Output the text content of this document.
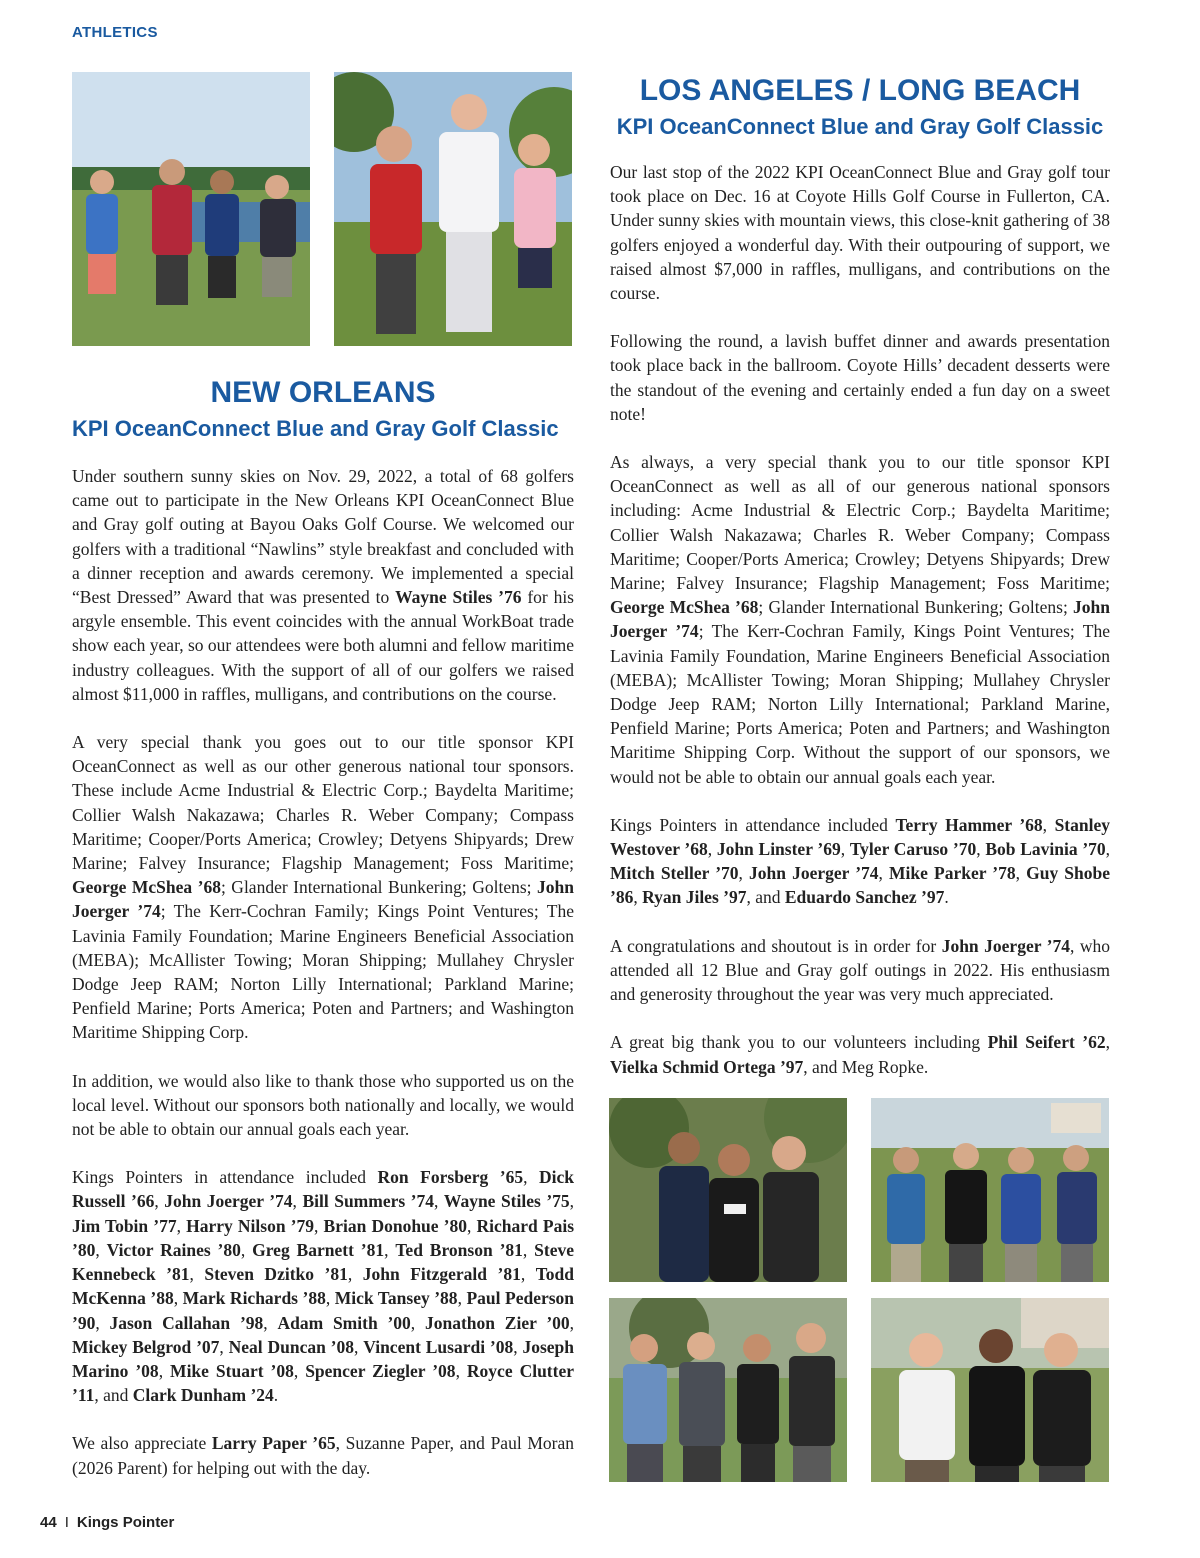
ATHLETICS
NEW ORLEANS
KPI OceanConnect Blue and Gray Golf Classic

Under southern sunny skies on Nov. 29, 2022, a total of 68 golfers came out to participate in the New Orleans KPI OceanConnect Blue and Gray golf outing at Bayou Oaks Golf Course. We welcomed our golfers with a traditional “Nawlins” style breakfast and concluded with a dinner reception and awards ceremony. We implemented a special “Best Dressed” Award that was presented to Wayne Stiles ’76 for his argyle ensemble. This event coincides with the annual WorkBoat trade show each year, so our attendees were both alumni and fellow maritime industry colleagues. With the support of all of our golfers we raised almost $11,000 in raffles, mulligans, and contributions on the course.

A very special thank you goes out to our title sponsor KPI OceanConnect as well as our other generous national tour sponsors. These include Acme Industrial & Electric Corp.; Baydelta Maritime; Collier Walsh Nakazawa; Charles R. Weber Company; Compass Maritime; Cooper/Ports America; Crowley; Detyens Shipyards; Drew Marine; Falvey Insurance; Flagship Management; Foss Maritime; George McShea ’68; Glander International Bunkering; Goltens; John Joerger ’74; The Kerr-Cochran Family; Kings Point Ventures; The Lavinia Family Foundation; Marine Engineers Beneficial Association (MEBA); McAllister Towing; Moran Shipping; Mullahey Chrysler Dodge Jeep RAM; Norton Lilly International; Parkland Marine; Penfield Marine; Ports America; Poten and Partners; and Washington Maritime Shipping Corp.

In addition, we would also like to thank those who supported us on the local level. Without our sponsors both nationally and locally, we would not be able to obtain our annual goals each year.

Kings Pointers in attendance included Ron Forsberg ’65, Dick Russell ’66, John Joerger ’74, Bill Summers ’74, Wayne Stiles ’75, Jim Tobin ’77, Harry Nilson ’79, Brian Donohue ’80, Richard Pais ’80, Victor Raines ’80, Greg Barnett ’81, Ted Bronson ’81, Steve Kennebeck ’81, Steven Dzitko ’81, John Fitzgerald ’81, Todd McKenna ’88, Mark Richards ’88, Mick Tansey ’88, Paul Pederson ’90, Jason Callahan ’98, Adam Smith ’00, Jonathon Zier ’00, Mickey Belgrod ’07, Neal Duncan ’08, Vincent Lusardi ’08, Joseph Marino ’08, Mike Stuart ’08, Spencer Ziegler ’08, Royce Clutter ’11, and Clark Dunham ’24.

We also appreciate Larry Paper ’65, Suzanne Paper, and Paul Moran (2026 Parent) for helping out with the day.

LOS ANGELES / LONG BEACH
KPI OceanConnect Blue and Gray Golf Classic

Our last stop of the 2022 KPI OceanConnect Blue and Gray golf tour took place on Dec. 16 at Coyote Hills Golf Course in Fullerton, CA. Under sunny skies with mountain views, this close-knit gathering of 38 golfers enjoyed a wonderful day. With their outpouring of support, we raised almost $7,000 in raffles, mulligans, and contributions on the course.

Following the round, a lavish buffet dinner and awards presentation took place back in the ballroom. Coyote Hills’ decadent desserts were the standout of the evening and certainly ended a fun day on a sweet note!

As always, a very special thank you to our title sponsor KPI OceanConnect as well as all of our generous national sponsors including: Acme Industrial & Electric Corp.; Baydelta Maritime; Collier Walsh Nakazawa; Charles R. Weber Company; Compass Maritime; Cooper/Ports America; Crowley; Detyens Shipyards; Drew Marine; Falvey Insurance; Flagship Management; Foss Maritime; George McShea ’68; Glander International Bunkering; Goltens; John Joerger ’74; The Kerr-Cochran Family, Kings Point Ventures; The Lavinia Family Foundation, Marine Engineers Beneficial Association (MEBA); McAllister Towing; Moran Shipping; Mullahey Chrysler Dodge Jeep RAM; Norton Lilly International; Parkland Marine, Penfield Marine; Ports America; Poten and Partners; and Washington Maritime Shipping Corp. Without the support of our sponsors, we would not be able to obtain our annual goals each year.

Kings Pointers in attendance included Terry Hammer ’68, Stanley Westover ’68, John Linster ’69, Tyler Caruso ’70, Bob Lavinia ’70, Mitch Steller ’70, John Joerger ’74, Mike Parker ’78, Guy Shobe ’86, Ryan Jiles ’97, and Eduardo Sanchez ’97.

A congratulations and shoutout is in order for John Joerger ’74, who attended all 12 Blue and Gray golf outings in 2022. His enthusiasm and generosity throughout the year was very much appreciated.

A great big thank you to our volunteers including Phil Seifert ’62, Vielka Schmid Ortega ’97, and Meg Ropke.

44 I Kings Pointer
